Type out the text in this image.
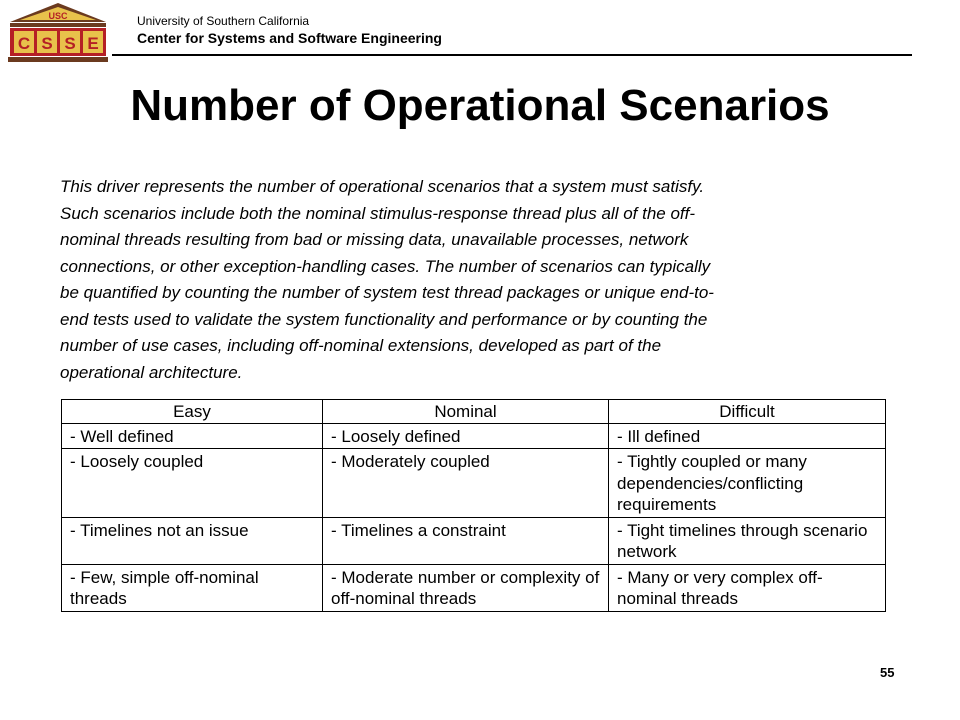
USC
C S S E
University of Southern California
Center for Systems and Software Engineering
Number of Operational Scenarios
This driver represents the number of operational scenarios that a system must satisfy.
Such scenarios include both the nominal stimulus-response thread plus all of the off-
nominal threads resulting from bad or missing data, unavailable processes, network
connections, or other exception-handling cases. The number of scenarios can typically
be quantified by counting the number of system test thread packages or unique end-to-
end tests used to validate the system functionality and performance or by counting the
number of use cases, including off-nominal extensions, developed as part of the
operational architecture.
Easy	Nominal	Difficult
- Well defined	- Loosely defined	- Ill defined
- Loosely coupled	- Moderately coupled	- Tightly coupled or many dependencies/conflicting requirements
- Timelines not an issue	- Timelines a constraint	- Tight timelines through scenario network
- Few, simple off-nominal threads	- Moderate number or complexity of off-nominal threads	- Many or very complex off-nominal threads
55
